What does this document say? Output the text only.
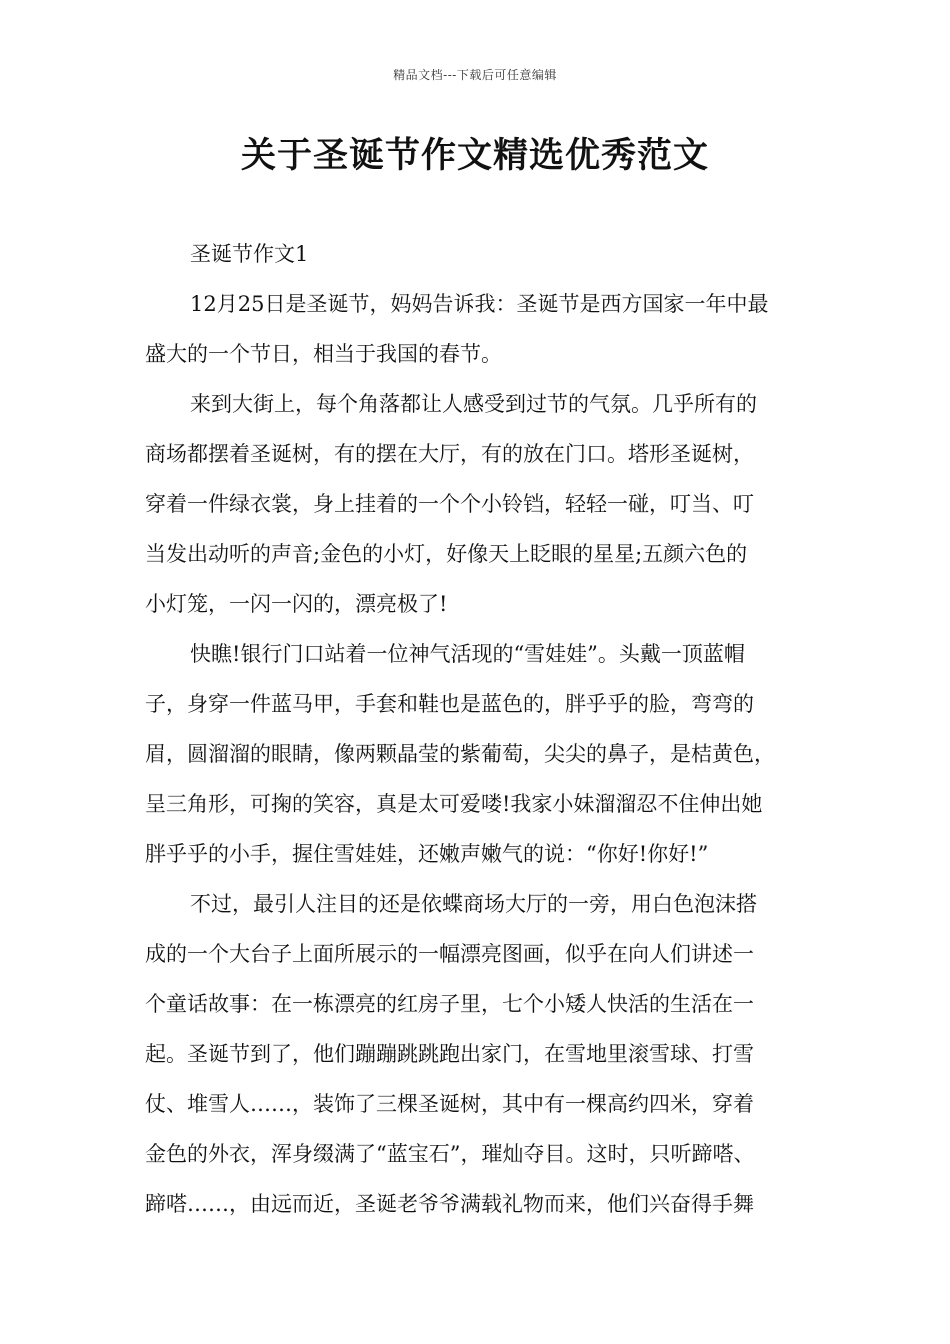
精品文档---下载后可任意编辑
关于圣诞节作文精选优秀范文
圣诞节作文1
12月25日是圣诞节，妈妈告诉我：圣诞节是西方国家一年中最
盛大的一个节日，相当于我国的春节。
来到大街上，每个角落都让人感受到过节的气氛。几乎所有的
商场都摆着圣诞树，有的摆在大厅，有的放在门口。塔形圣诞树，
穿着一件绿衣裳，身上挂着的一个个小铃铛，轻轻一碰，叮当、叮
当发出动听的声音;金色的小灯，好像天上眨眼的星星;五颜六色的
小灯笼，一闪一闪的，漂亮极了!
快瞧!银行门口站着一位神气活现的“雪娃娃”。头戴一顶蓝帽
子，身穿一件蓝马甲，手套和鞋也是蓝色的，胖乎乎的脸，弯弯的
眉，圆溜溜的眼睛，像两颗晶莹的紫葡萄，尖尖的鼻子，是桔黄色，
呈三角形，可掬的笑容，真是太可爱喽!我家小妹溜溜忍不住伸出她
胖乎乎的小手，握住雪娃娃，还嫩声嫩气的说：“你好!你好!”
不过，最引人注目的还是依蝶商场大厅的一旁，用白色泡沫搭
成的一个大台子上面所展示的一幅漂亮图画，似乎在向人们讲述一
个童话故事：在一栋漂亮的红房子里，七个小矮人快活的生活在一
起。圣诞节到了，他们蹦蹦跳跳跑出家门，在雪地里滚雪球、打雪
仗、堆雪人……，装饰了三棵圣诞树，其中有一棵高约四米，穿着
金色的外衣，浑身缀满了“蓝宝石”，璀灿夺目。这时，只听蹄嗒、
蹄嗒……，由远而近，圣诞老爷爷满载礼物而来，他们兴奋得手舞
